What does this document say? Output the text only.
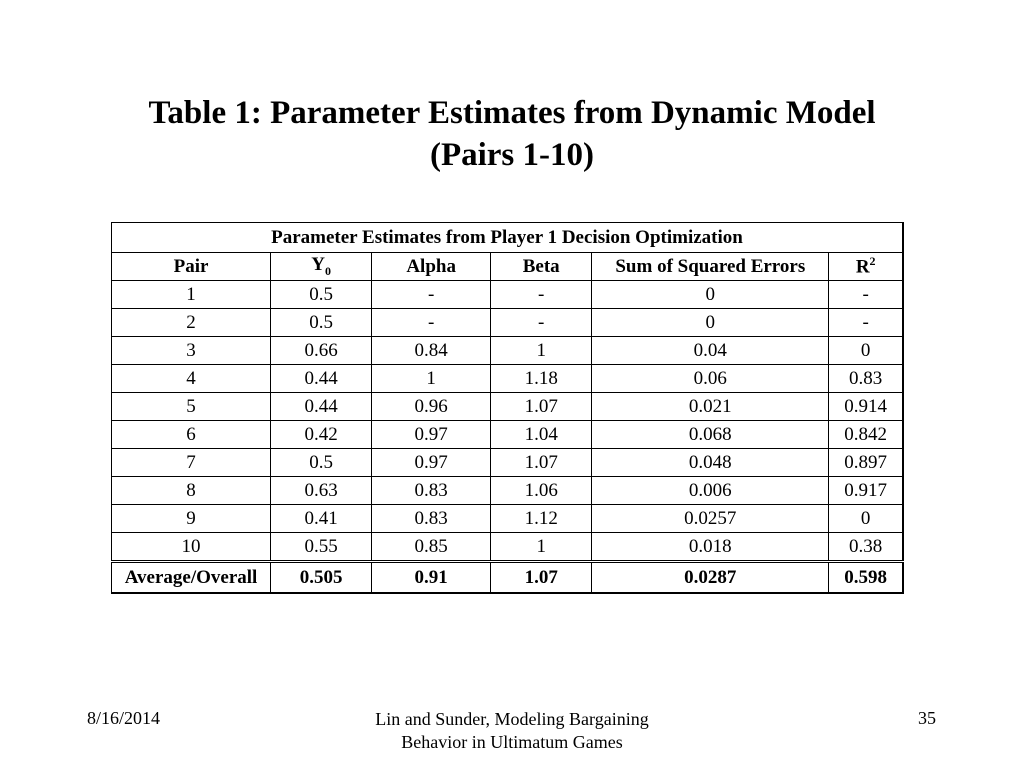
Table 1: Parameter Estimates from Dynamic Model
(Pairs 1-10)
Parameter Estimates from Player 1 Decision Optimization					
Pair	$Y_0$	Alpha	Beta	Sum of Squared Errors	$R^2$
1	0.5	-	-	0	-
2	0.5	-	-	0	-
3	0.66	0.84	1	0.04	0
4	0.44	1	1.18	0.06	0.83
5	0.44	0.96	1.07	0.021	0.914
6	0.42	0.97	1.04	0.068	0.842
7	0.5	0.97	1.07	0.048	0.897
8	0.63	0.83	1.06	0.006	0.917
9	0.41	0.83	1.12	0.0257	0
10	0.55	0.85	1	0.018	0.38
Average/Overall	0.505	0.91	1.07	0.0287	0.598
8/16/2014	Lin and Sunder, Modeling Bargaining
Behavior in Ultimatum Games
35
